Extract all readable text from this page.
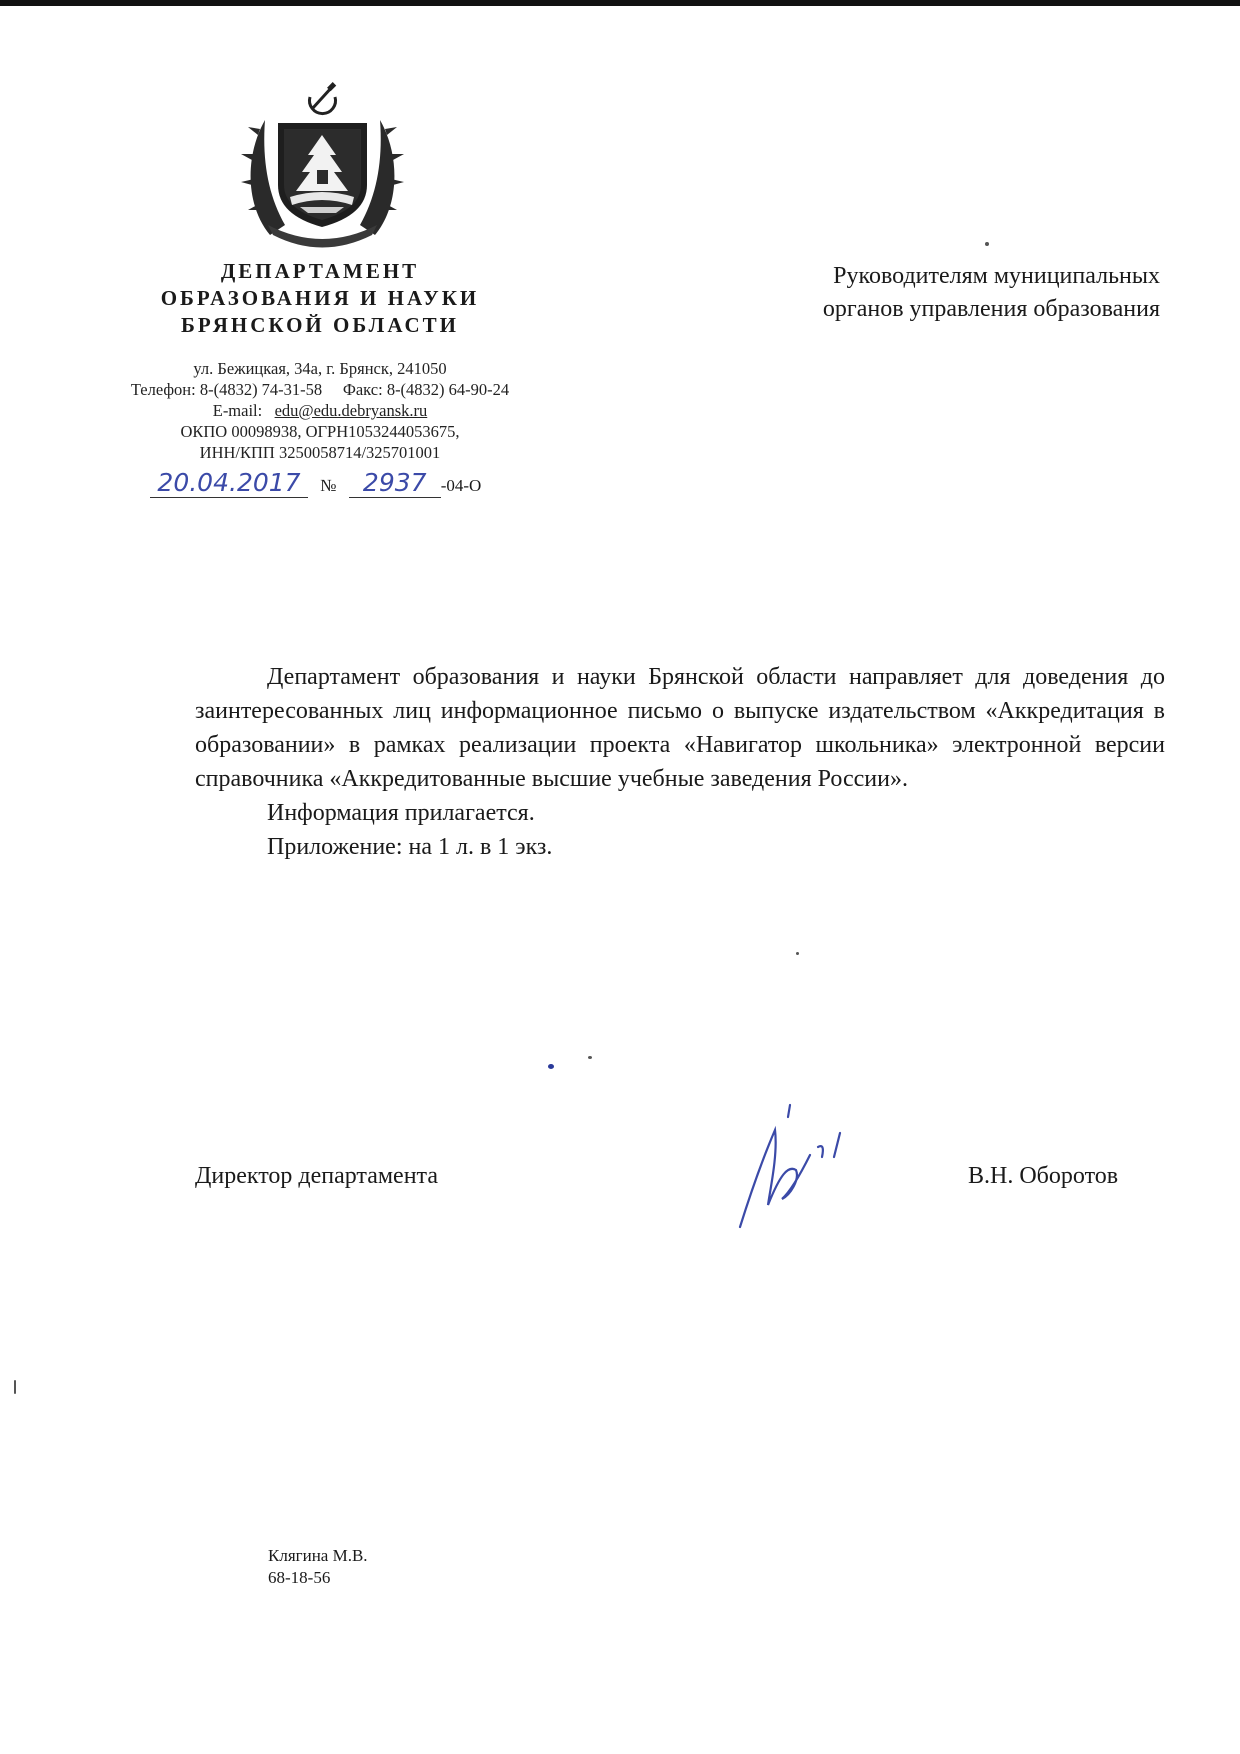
ДЕПАРТАМЕНТ
ОБРАЗОВАНИЯ И НАУКИ
БРЯНСКОЙ ОБЛАСТИ
ул. Бежицкая, 34а, г. Брянск, 241050
Телефон: 8-(4832) 74-31-58 Факс: 8-(4832) 64-90-24
E-mail: edu@edu.debryansk.ru
ОКПО 00098938, ОГРН1053244053675,
ИНН/КПП 3250058714/325701001
20.04.2017 № 2937 -04-О
Руководителям муниципальных
органов управления образования

Департамент образования и науки Брянской области направляет для доведения до заинтересованных лиц информационное письмо о выпуске издательством «Аккредитация в образовании» в рамках реализации проекта «Навигатор школьника» электронной версии справочника «Аккредитованные высшие учебные заведения России».

Информация прилагается.

Приложение: на 1 л. в 1 экз.

Директор департамента	В.Н. Оборотов
Клягина М.В.
68-18-56
